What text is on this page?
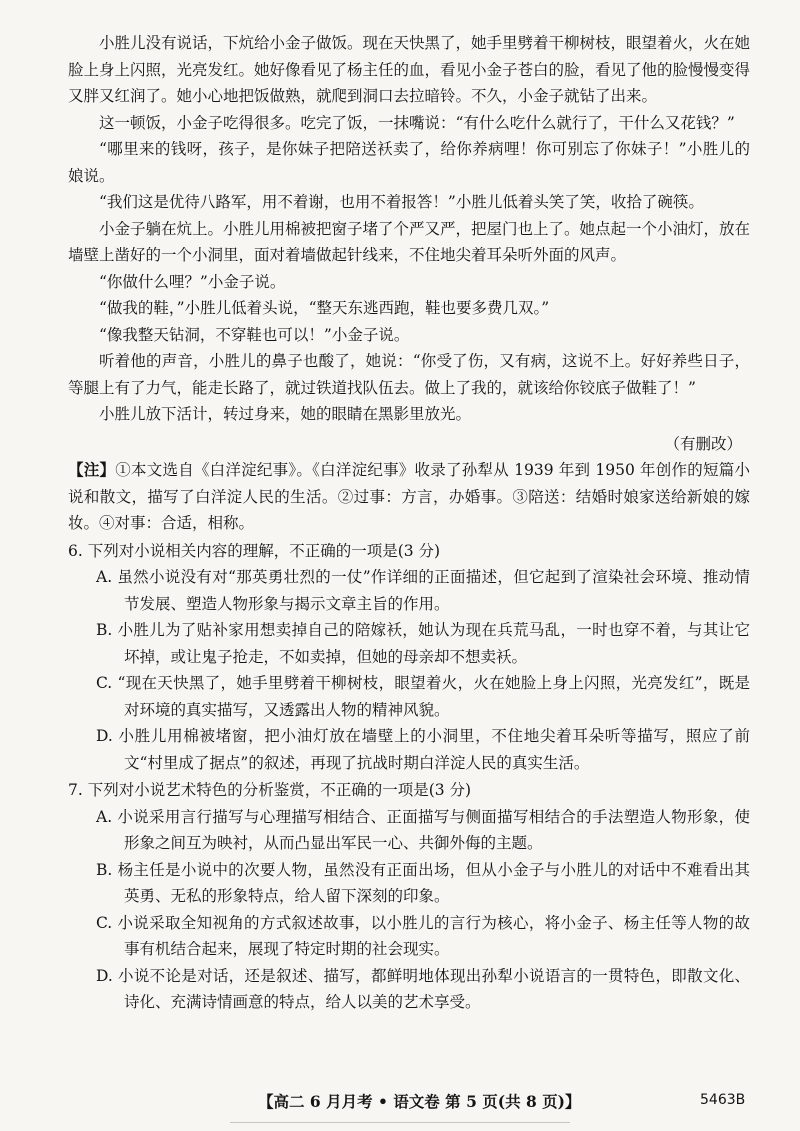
小胜儿没有说话，下炕给小金子做饭。现在天快黑了，她手里劈着干柳树枝，眼望着火，火在她脸上身上闪照，光亮发红。她好像看见了杨主任的血，看见小金子苍白的脸，看见了他的脸慢慢变得又胖又红润了。她小心地把饭做熟，就爬到洞口去拉暗铃。不久，小金子就钻了出来。

这一顿饭，小金子吃得很多。吃完了饭，一抹嘴说：“有什么吃什么就行了，干什么又花钱？”

“哪里来的钱呀，孩子，是你妹子把陪送袄卖了，给你养病哩！你可别忘了你妹子！”小胜儿的娘说。

“我们这是优待八路军，用不着谢，也用不着报答！”小胜儿低着头笑了笑，收拾了碗筷。

小金子躺在炕上。小胜儿用棉被把窗子堵了个严又严，把屋门也上了。她点起一个小油灯，放在墙壁上凿好的一个小洞里，面对着墙做起针线来，不住地尖着耳朵听外面的风声。

“你做什么哩？”小金子说。

“做我的鞋，”小胜儿低着头说，“整天东逃西跑，鞋也要多费几双。”

“像我整天钻洞，不穿鞋也可以！”小金子说。

听着他的声音，小胜儿的鼻子也酸了，她说：“你受了伤，又有病，这说不上。好好养些日子，等腿上有了力气，能走长路了，就过铁道找队伍去。做上了我的，就该给你铰底子做鞋了！”

小胜儿放下活计，转过身来，她的眼睛在黑影里放光。

（有删改）

【注】①本文选自《白洋淀纪事》。《白洋淀纪事》收录了孙犁从 1939 年到 1950 年创作的短篇小说和散文，描写了白洋淀人民的生活。②过事：方言，办婚事。③陪送：结婚时娘家送给新娘的嫁妆。④对事：合适，相称。

6. 下列对小说相关内容的理解，不正确的一项是(3 分)

A. 虽然小说没有对“那英勇壮烈的一仗”作详细的正面描述，但它起到了渲染社会环境、推动情节发展、塑造人物形象与揭示文章主旨的作用。

B. 小胜儿为了贴补家用想卖掉自己的陪嫁袄，她认为现在兵荒马乱，一时也穿不着，与其让它坏掉，或让鬼子抢走，不如卖掉，但她的母亲却不想卖袄。

C. “现在天快黑了，她手里劈着干柳树枝，眼望着火，火在她脸上身上闪照，光亮发红”，既是对环境的真实描写，又透露出人物的精神风貌。

D. 小胜儿用棉被堵窗，把小油灯放在墙壁上的小洞里，不住地尖着耳朵听等描写，照应了前文“村里成了据点”的叙述，再现了抗战时期白洋淀人民的真实生活。

7. 下列对小说艺术特色的分析鉴赏，不正确的一项是(3 分)

A. 小说采用言行描写与心理描写相结合、正面描写与侧面描写相结合的手法塑造人物形象，使形象之间互为映衬，从而凸显出军民一心、共御外侮的主题。

B. 杨主任是小说中的次要人物，虽然没有正面出场，但从小金子与小胜儿的对话中不难看出其英勇、无私的形象特点，给人留下深刻的印象。

C. 小说采取全知视角的方式叙述故事，以小胜儿的言行为核心，将小金子、杨主任等人物的故事有机结合起来，展现了特定时期的社会现实。

D. 小说不论是对话，还是叙述、描写，都鲜明地体现出孙犁小说语言的一贯特色，即散文化、诗化、充满诗情画意的特点，给人以美的艺术享受。

【高二 6 月月考 • 语文卷 第 5 页(共 8 页)】	5463B
